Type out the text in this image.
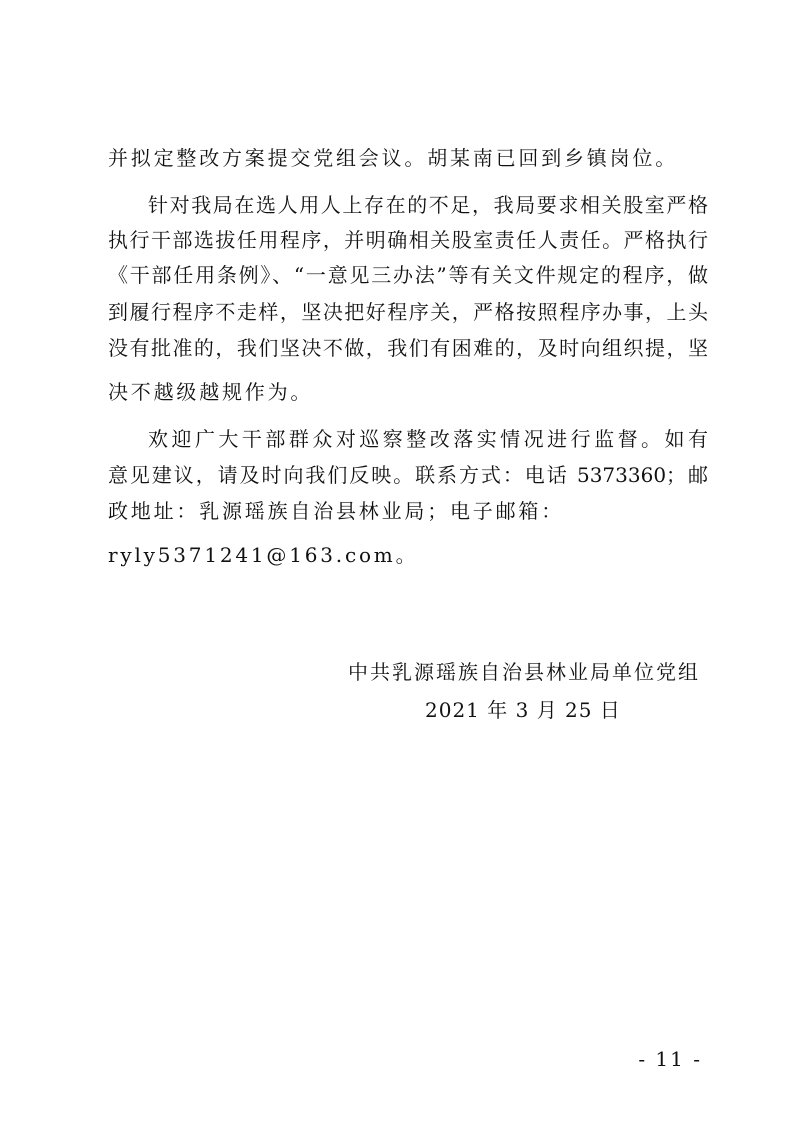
并拟定整改方案提交党组会议。胡某南已回到乡镇岗位。
针对我局在选人用人上存在的不足，我局要求相关股室严格
执行干部选拔任用程序，并明确相关股室责任人责任。严格执行
《干部任用条例》、“一意见三办法”等有关文件规定的程序，做
到履行程序不走样，坚决把好程序关，严格按照程序办事，上头
没有批准的，我们坚决不做，我们有困难的，及时向组织提，坚
决不越级越规作为。
欢迎广大干部群众对巡察整改落实情况进行监督。如有
意见建议，请及时向我们反映。联系方式：电话 5373360；邮
政地址：乳源瑶族自治县林业局；电子邮箱：
ryly5371241@163.com。
中共乳源瑶族自治县林业局单位党组
2021 年 3 月 25 日
- 11 -
